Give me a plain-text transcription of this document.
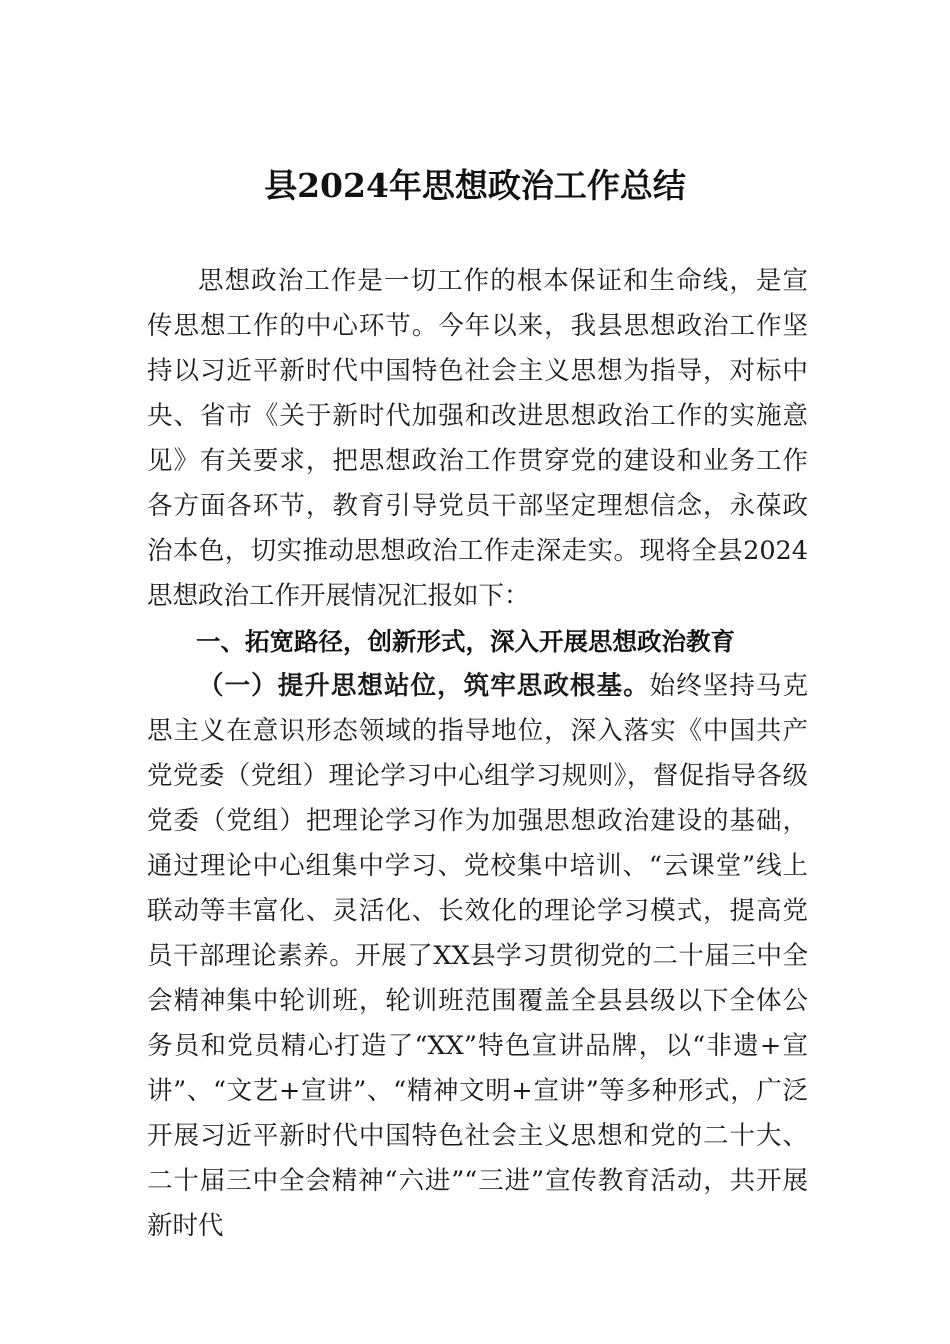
县2024年思想政治工作总结

思想政治工作是一切工作的根本保证和生命线，是宣传思想工作的中心环节。今年以来，我县思想政治工作坚持以习近平新时代中国特色社会主义思想为指导，对标中央、省市《关于新时代加强和改进思想政治工作的实施意见》有关要求，把思想政治工作贯穿党的建设和业务工作各方面各环节，教育引导党员干部坚定理想信念，永葆政治本色，切实推动思想政治工作走深走实。现将全县2024思想政治工作开展情况汇报如下：

一、拓宽路径，创新形式，深入开展思想政治教育

（一）提升思想站位，筑牢思政根基。始终坚持马克思主义在意识形态领域的指导地位，深入落实《中国共产党党委（党组）理论学习中心组学习规则》，督促指导各级党委（党组）把理论学习作为加强思想政治建设的基础，通过理论中心组集中学习、党校集中培训、“云课堂”线上联动等丰富化、灵活化、长效化的理论学习模式，提高党员干部理论素养。开展了XX县学习贯彻党的二十届三中全会精神集中轮训班，轮训班范围覆盖全县县级以下全体公务员和党员精心打造了“XX”特色宣讲品牌，以“非遗+宣讲”、“文艺+宣讲”、“精神文明+宣讲”等多种形式，广泛开展习近平新时代中国特色社会主义思想和党的二十大、二十届三中全会精神“六进”“三进”宣传教育活动，共开展新时代
